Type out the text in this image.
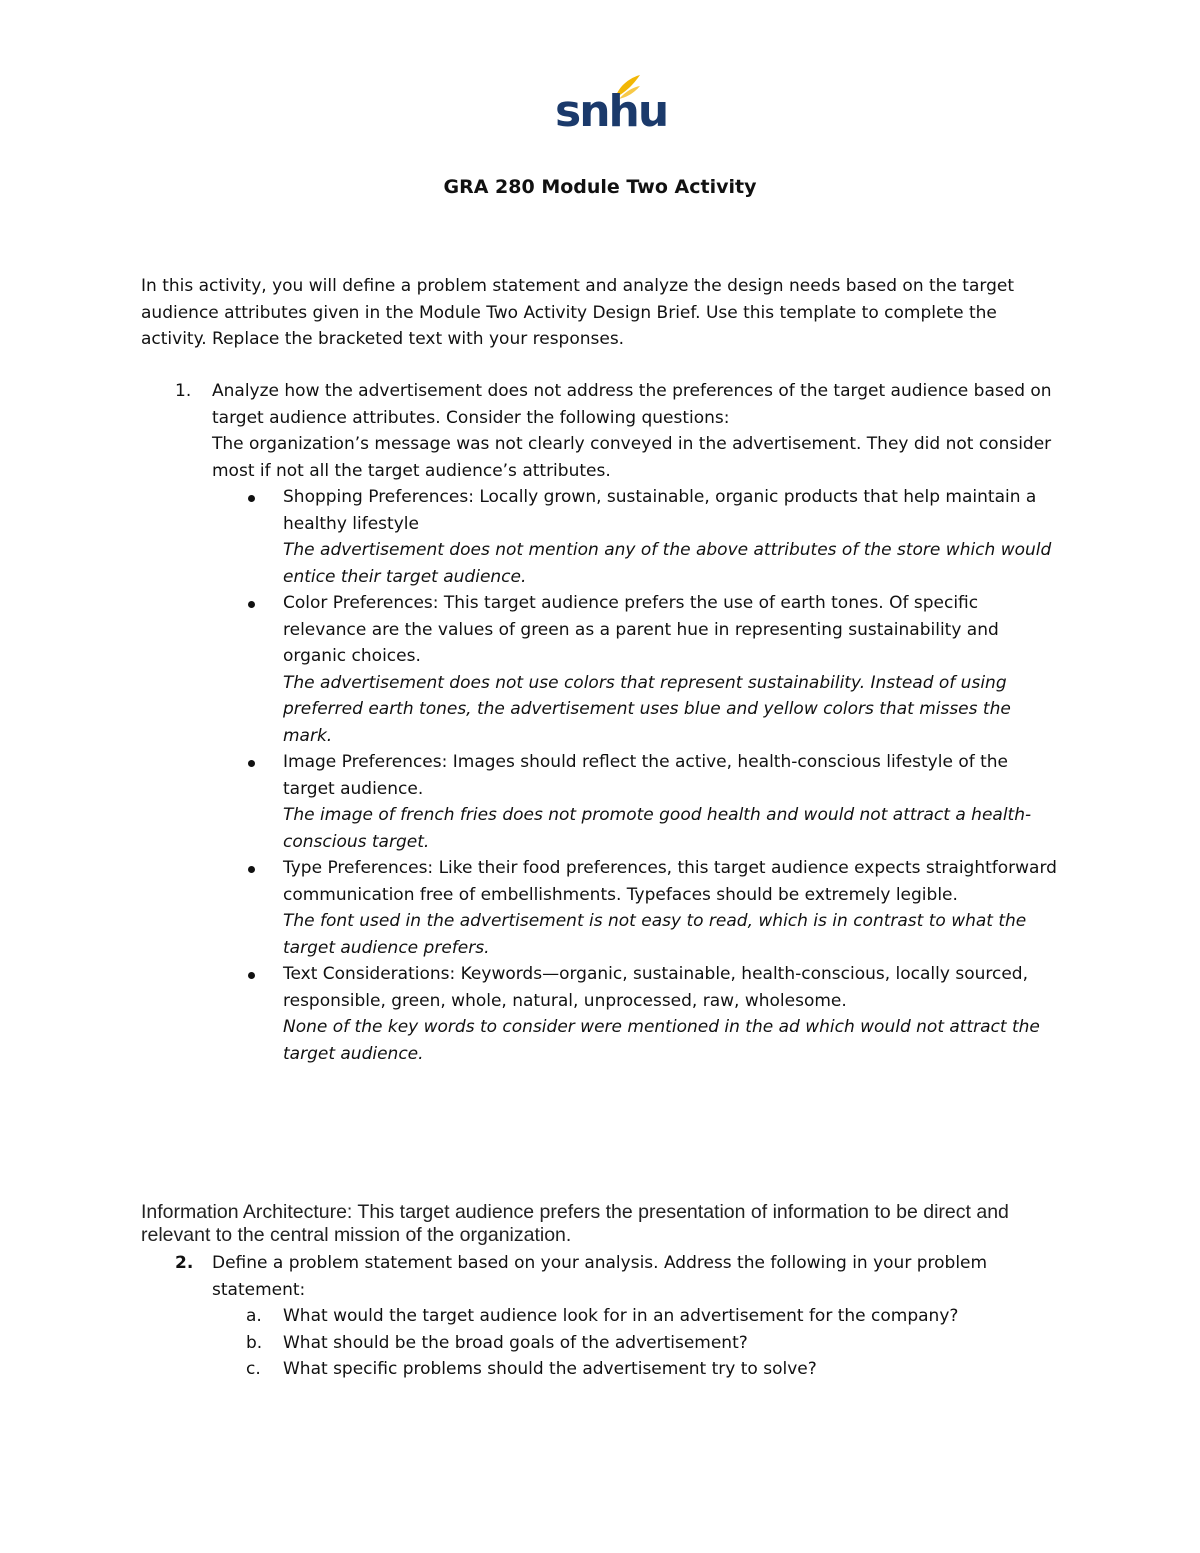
snhu
GRA 280 Module Two Activity
In this activity, you will define a problem statement and analyze the design needs based on the target audience attributes given in the Module Two Activity Design Brief. Use this template to complete the activity. Replace the bracketed text with your responses.
1. Analyze how the advertisement does not address the preferences of the target audience based on target audience attributes. Consider the following questions:
The organization’s message was not clearly conveyed in the advertisement. They did not consider most if not all the target audience’s attributes.
Shopping Preferences: Locally grown, sustainable, organic products that help maintain a healthy lifestyle
The advertisement does not mention any of the above attributes of the store which would entice their target audience.
Color Preferences: This target audience prefers the use of earth tones. Of specific relevance are the values of green as a parent hue in representing sustainability and organic choices.
The advertisement does not use colors that represent sustainability. Instead of using preferred earth tones, the advertisement uses blue and yellow colors that misses the mark.
Image Preferences: Images should reflect the active, health-conscious lifestyle of the target audience.
The image of french fries does not promote good health and would not attract a health-conscious target.
Type Preferences: Like their food preferences, this target audience expects straightforward communication free of embellishments. Typefaces should be extremely legible.
The font used in the advertisement is not easy to read, which is in contrast to what the target audience prefers.
Text Considerations: Keywords—organic, sustainable, health-conscious, locally sourced, responsible, green, whole, natural, unprocessed, raw, wholesome.
None of the key words to consider were mentioned in the ad which would not attract the target audience.
Information Architecture: This target audience prefers the presentation of information to be direct and relevant to the central mission of the organization.
2. Define a problem statement based on your analysis. Address the following in your problem statement:
a. What would the target audience look for in an advertisement for the company?
b. What should be the broad goals of the advertisement?
c. What specific problems should the advertisement try to solve?
